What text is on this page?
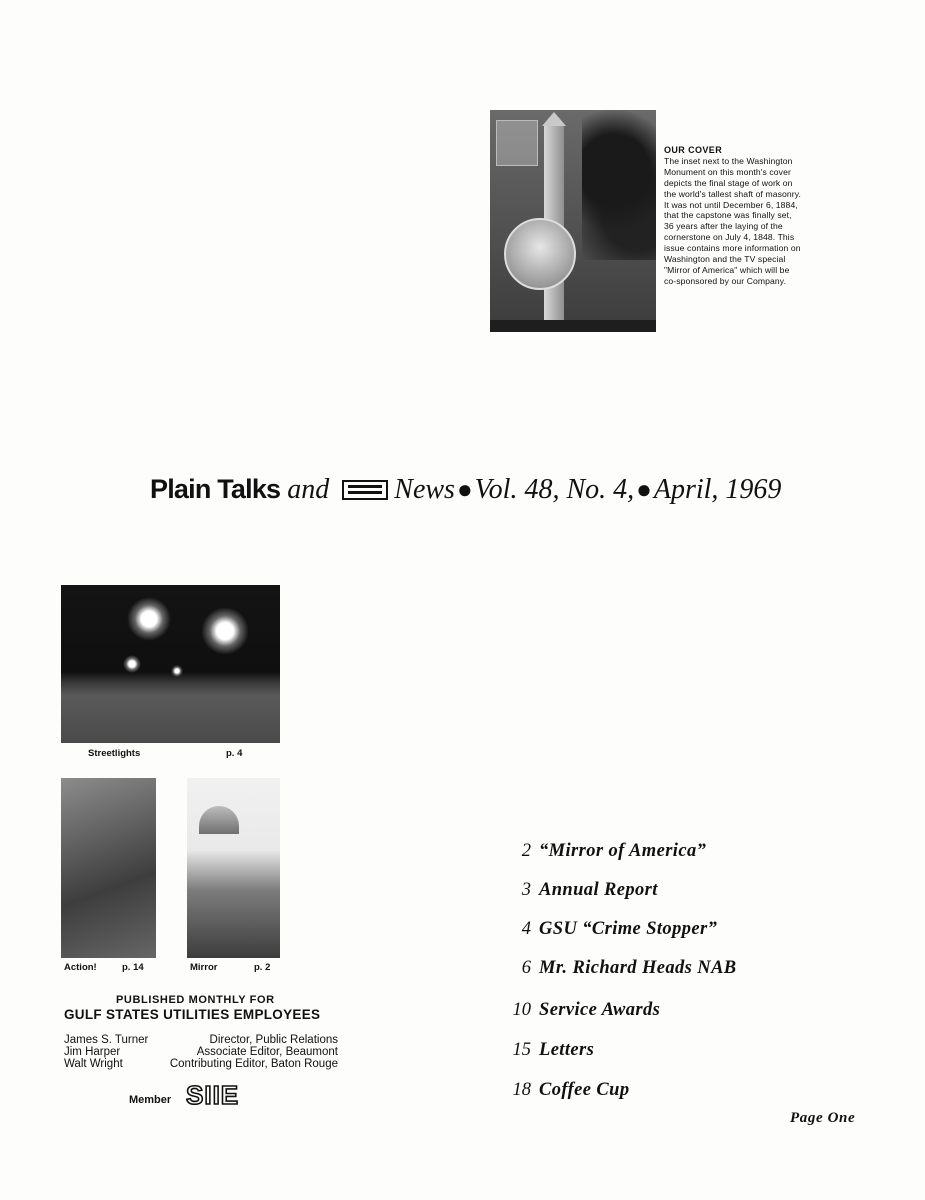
OUR COVER
The inset next to the Washington
Monument on this month's cover
depicts the final stage of work on
the world's tallest shaft of masonry.
It was not until December 6, 1884,
that the capstone was finally set,
36 years after the laying of the
cornerstone on July 4, 1848. This
issue contains more information on
Washington and the TV special
"Mirror of America" which will be
co-sponsored by our Company.
Plain Talks and News●Vol. 48, No. 4,●April, 1969
Streetlights	p. 4
Action!	p. 14	Mirror	p. 2
PUBLISHED MONTHLY FOR
GULF STATES UTILITIES EMPLOYEES
James S. Turner	Director, Public Relations
Jim Harper	Associate Editor, Beaumont
Walt Wright	Contributing Editor, Baton Rouge
Member SIIE
2 “Mirror of America”
3 Annual Report
4 GSU “Crime Stopper”
6 Mr. Richard Heads NAB
10 Service Awards
15 Letters
18 Coffee Cup
Page One
